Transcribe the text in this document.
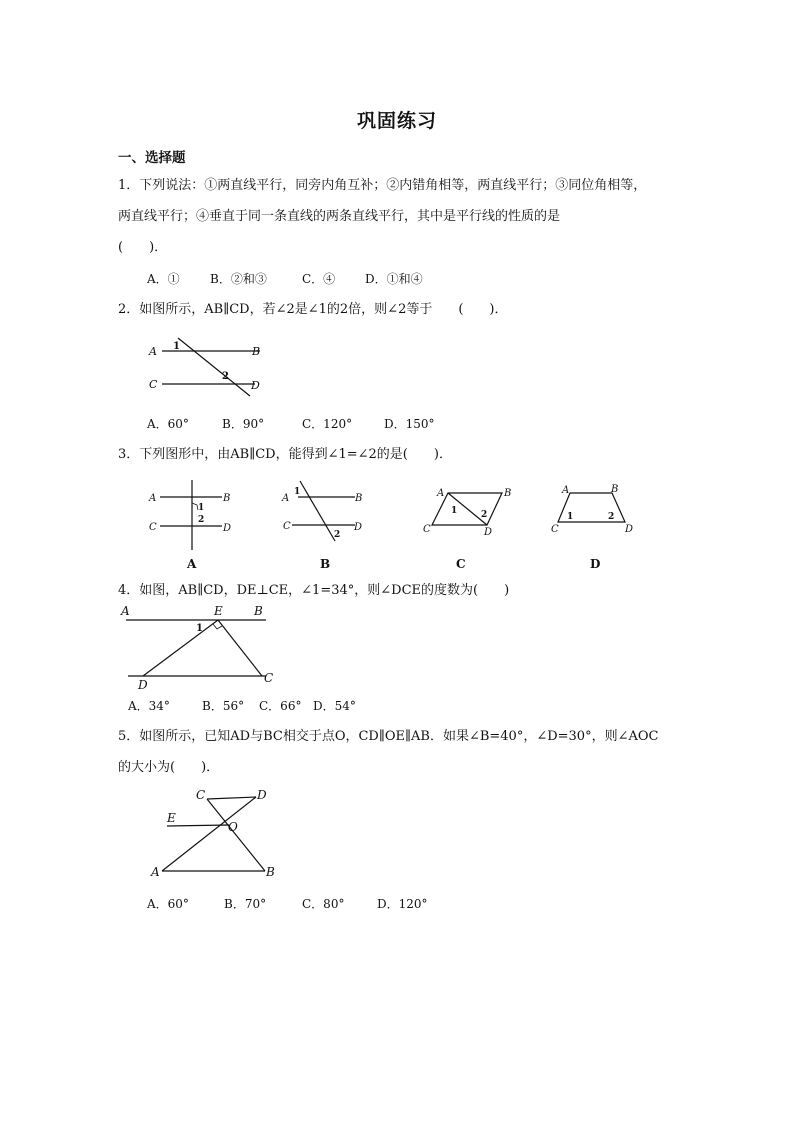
巩固练习
一、选择题
1．下列说法：①两直线平行，同旁内角互补；②内错角相等，两直线平行；③同位角相等，
两直线平行；④垂直于同一条直线的两条直线平行，其中是平行线的性质的是
(　　)．
A．①	B．②和③	C．④ D．①和④
2．如图所示，AB∥CD，若∠2是∠1的2倍，则∠2等于　　(　　)．
A	B
C	D
1
2
A．60°	B．90°	C．120°	D．150°
3．下列图形中，由AB∥CD，能得到∠1=∠2的是(　　)．
A	B
C	D
1
2
A
A	B
C	D
1
2
B
A	B
C	D
1	2
C
A	B
C	D
1	2
D
4．如图，AB∥CD，DE⊥CE，∠1=34°，则∠DCE的度数为(　　)
A	E	B
D	C
1
A．34°	B．56° C．66° D．54°
5．如图所示，已知AD与BC相交于点O，CD∥OE∥AB．如果∠B=40°，∠D=30°，则∠AOC
的大小为(　　)．
C	D
E
O
A	B
A．60°	B．70°	C．80°	D．120°
